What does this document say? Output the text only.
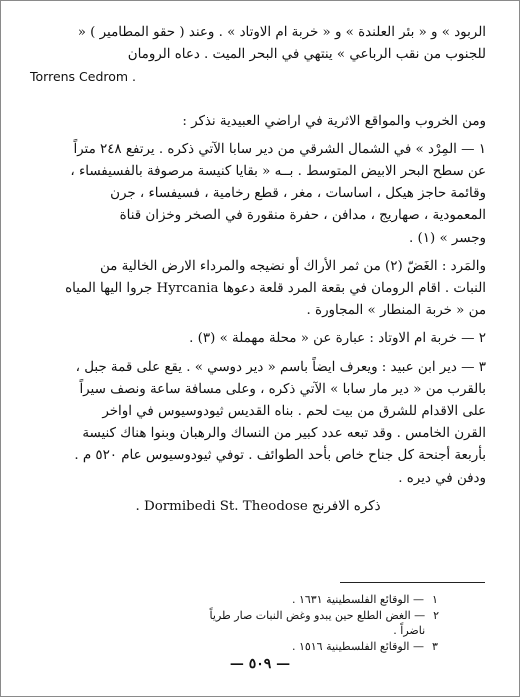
الربود » و « بئر العلندة » و « خربة ام الاوتاد » . وعند ( حقو المطامير ) «

للجنوب من نقب الرباعي » ينتهي في البحر الميت . دعاه الرومان

Torrens Cedrom .

ومن الخروب والمواقع الاثرية في اراضي العبيدية نذكر :

١ — المِرْد » في الشمال الشرقي من دير سابا الآتي ذكره . يرتفع ٢٤٨ متراً

عن سطح البحر الابيض المتوسط . بــه « بقايا كنيسة مرصوفة بالفسيفساء ،

وقائمة حاجز هيكل ، اساسات ، مغر ، قطع رخامية ، فسيفساء ، جرن

المعمودية ، صهاريج ، مدافن ، حفرة منقورة في الصخر وخزان قناة

وجسر » (١) .

والمَرد : الغَضّ (٢) من ثمر الأراك أو نضيجه والمرداء الارض الخالية من

النبات . اقام الرومان في بقعة المرد قلعة دعوها Hyrcania جروا اليها المياه

من « خربة المنطار » المجاورة .

٢ — خربة ام الاوتاد : عبارة عن « محلة مهملة » (٣) .

٣ — دير ابن عبيد : ويعرف ايضاً باسم « دير دوسي » . يقع على قمة جبل ،

بالقرب من « دير مار سابا » الآتي ذكره ، وعلى مسافة ساعة ونصف سيراً

على الاقدام للشرق من بيت لحم . بناه القديس ثيودوسيوس في اواخر

القرن الخامس . وقد تبعه عدد كبير من النساك والرهبان وبنوا هناك كنيسة

بأربعة أجنحة كل جناح خاص بأحد الطوائف . توفي ثيودوسيوس عام ٥٢٠ م .

ودفن في ديره .

ذكره الافرنج Dormibedi St. Theodose .

١
— الوقائع الفلسطينية ١٦٣١ .
٢
— الغض الطلع حين يبدو وغض النبات صار طرياً ناضراً .
٣
— الوقائع الفلسطينية ١٥١٦ .
— ٥٠٩ —
